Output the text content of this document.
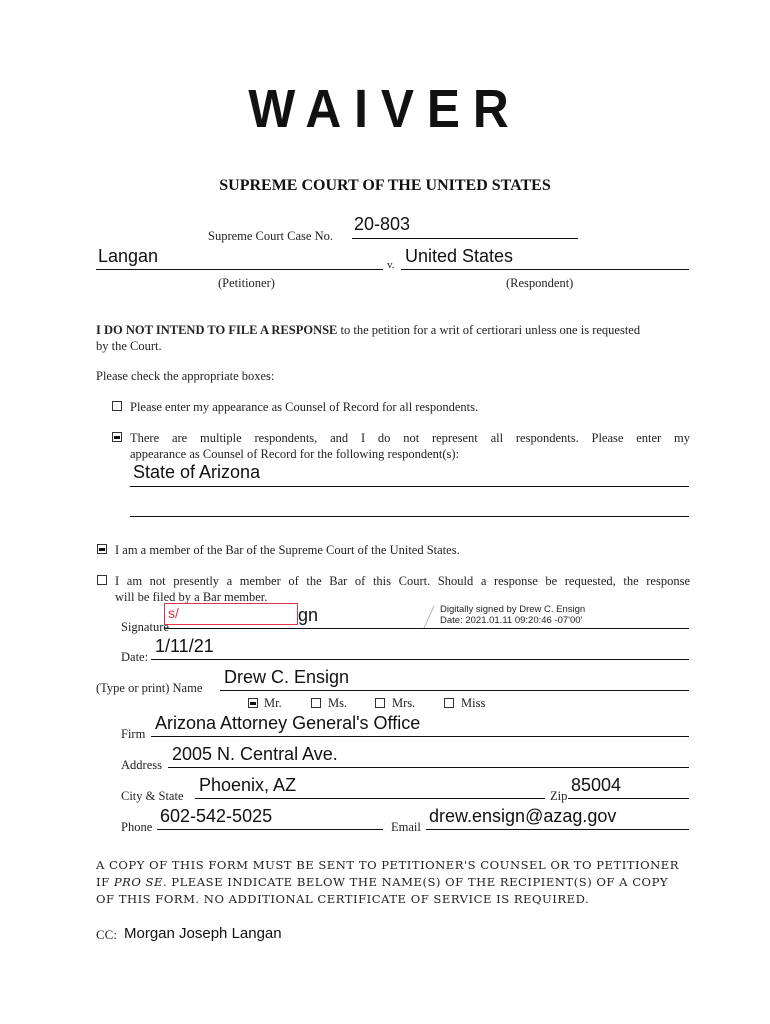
WAIVER
SUPREME COURT OF THE UNITED STATES
Supreme Court Case No.
20-803
Langan	v. United States
(Petitioner)	(Respondent)
I DO NOT INTEND TO FILE A RESPONSE to the petition for a writ of certiorari unless one is requested
by the Court.
Please check the appropriate boxes:
Please enter my appearance as Counsel of Record for all respondents.
There are multiple respondents, and I do not represent all respondents. Please enter my
appearance as Counsel of Record for the following respondent(s):
State of Arizona
I am a member of the Bar of the Supreme Court of the United States.
I am not presently a member of the Bar of this Court. Should a response be requested, the response
will be filed by a Bar member.
Signature
s/	gn	Digitally signed by Drew C. Ensign
Date: 2021.01.11 09:20:46 -07'00'
Date:
1/11/21
(Type or print) Name
Drew C. Ensign
Mr.	Ms.	Mrs.	Miss
Firm
Arizona Attorney General's Office
Address
2005 N. Central Ave.
City & State
Phoenix, AZ
Zip
85004
Phone
602-542-5025
Email
drew.ensign@azag.gov
A COPY OF THIS FORM MUST BE SENT TO PETITIONER'S COUNSEL OR TO PETITIONER
IF PRO SE. PLEASE INDICATE BELOW THE NAME(S) OF THE RECIPIENT(S) OF A COPY
OF THIS FORM. NO ADDITIONAL CERTIFICATE OF SERVICE IS REQUIRED.
CC: Morgan Joseph Langan
